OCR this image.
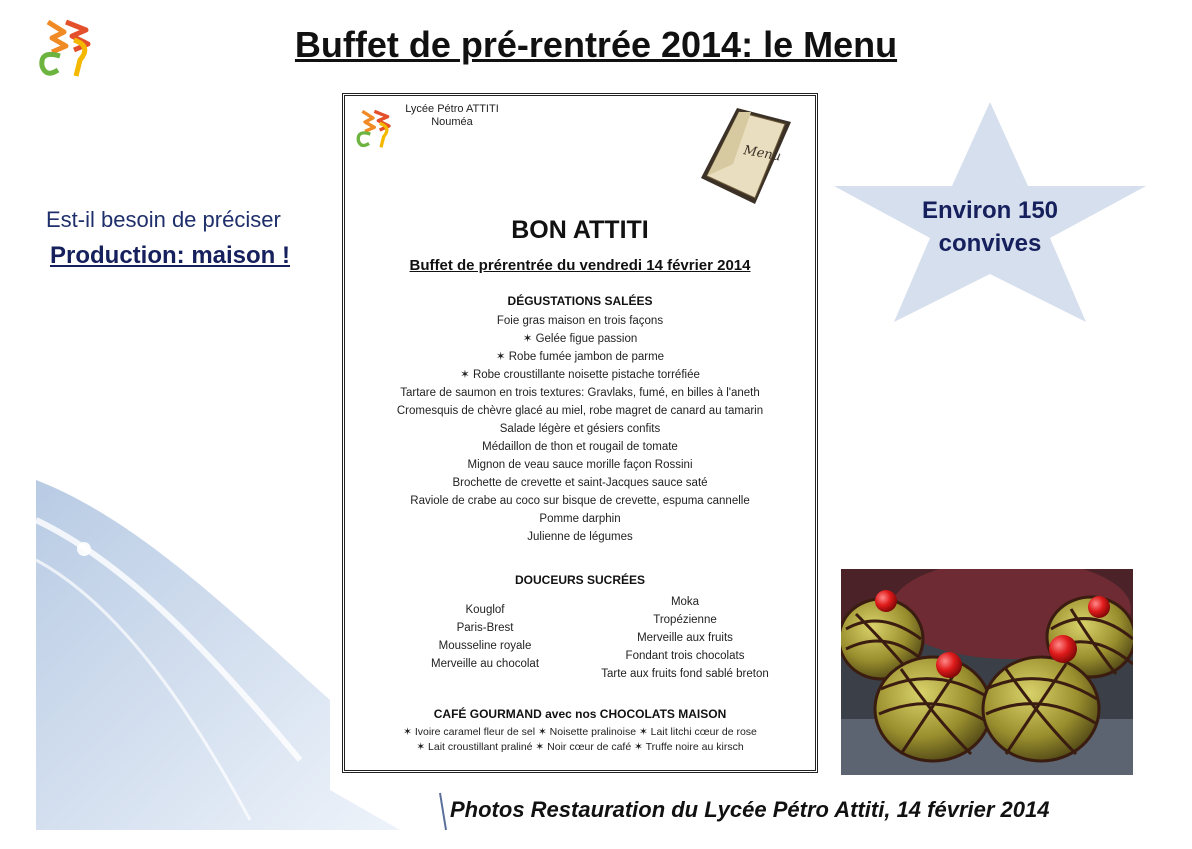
Buffet de pré-rentrée 2014: le Menu
Est-il besoin de préciser
Production: maison !
Environ 150
convives
Lycée Pétro ATTITI
Nouméa
Menu
BON ATTITI
Buffet de prérentrée du vendredi 14 février 2014
DÉGUSTATIONS SALÉES
Foie gras maison en trois façons
✶ Gelée figue passion
✶ Robe fumée jambon de parme
✶ Robe croustillante noisette pistache torréfiée
Tartare de saumon en trois textures: Gravlaks, fumé, en billes à l'aneth
Cromesquis de chèvre glacé au miel, robe magret de canard au tamarin
Salade légère et gésiers confits
Médaillon de thon et rougail de tomate
Mignon de veau sauce morille façon Rossini
Brochette de crevette et saint-Jacques sauce saté
Raviole de crabe au coco sur bisque de crevette, espuma cannelle
Pomme darphin
Julienne de légumes
DOUCEURS SUCRÉES
Kouglof
Paris-Brest
Mousseline royale
Merveille au chocolat
Moka
Tropézienne
Merveille aux fruits
Fondant trois chocolats
Tarte aux fruits fond sablé breton
CAFÉ GOURMAND avec nos CHOCOLATS MAISON
✶ Ivoire caramel fleur de sel ✶ Noisette pralinoise ✶ Lait litchi cœur de rose
✶ Lait croustillant praliné ✶ Noir cœur de café ✶ Truffe noire au kirsch
Photos Restauration du Lycée Pétro Attiti, 14 février 2014
